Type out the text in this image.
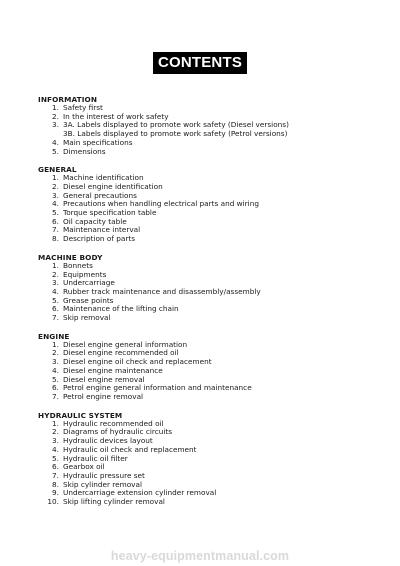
CONTENTS
INFORMATION
1. Safety first
2. In the interest of work safety
3. 3A. Labels displayed to promote work safety (Diesel versions)
3B. Labels displayed to promote work safety (Petrol versions)
4. Main specifications
5. Dimensions
GENERAL
1. Machine identification
2. Diesel engine identification
3. General precautions
4. Precautions when handling electrical parts and wiring
5. Torque specification table
6. Oil capacity table
7. Maintenance interval
8. Description of parts
MACHINE BODY
1. Bonnets
2. Equipments
3. Undercarriage
4. Rubber track maintenance and disassembly/assembly
5. Grease points
6. Maintenance of the lifting chain
7. Skip removal
ENGINE
1. Diesel engine general information
2. Diesel engine recommended oil
3. Diesel engine oil check and replacement
4. Diesel engine maintenance
5. Diesel engine removal
6. Petrol engine general information and maintenance
7. Petrol engine removal
HYDRAULIC SYSTEM
1. Hydraulic recommended oil
2. Diagrams of hydraulic circuits
3. Hydraulic devices layout
4. Hydraulic oil check and replacement
5. Hydraulic oil filter
6. Gearbox oil
7. Hydraulic pressure set
8. Skip cylinder removal
9. Undercarriage extension cylinder removal
10. Skip lifting cylinder removal
heavy-equipmentmanual.com
